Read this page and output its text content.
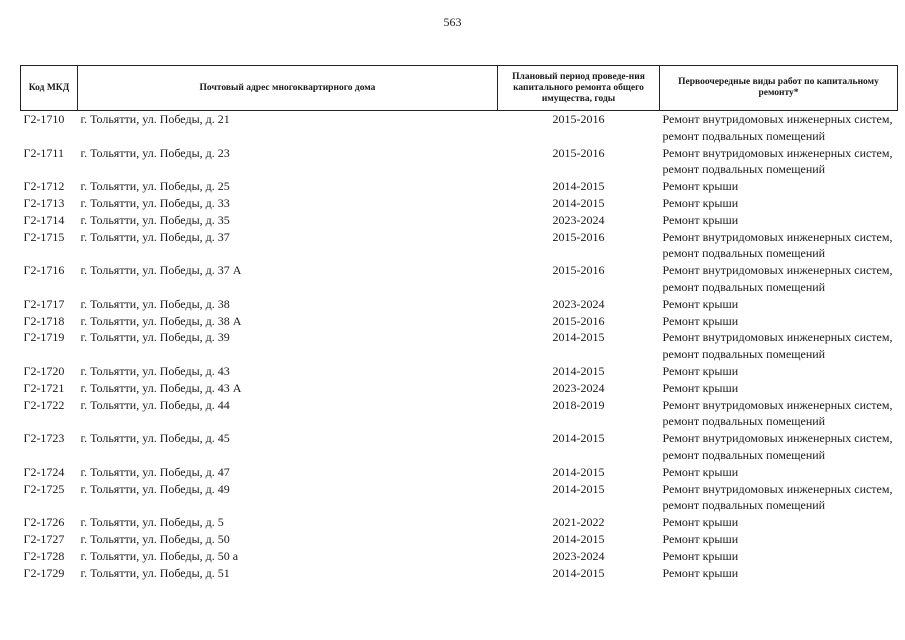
563
Код МКД	Почтовый адрес многоквартирного дома	Плановый период проведе-ния капитального ремонта общего имущества, годы	Первоочередные виды работ по капитальному ремонту*
Г2-1710	г. Тольятти, ул. Победы, д. 21	2015-2016	Ремонт внутридомовых инженерных систем,
ремонт подвальных помещений

Г2-1711	г. Тольятти, ул. Победы, д. 23	2015-2016	Ремонт внутридомовых инженерных систем,
ремонт подвальных помещений

Г2-1712	г. Тольятти, ул. Победы, д. 25	2014-2015	Ремонт крыши

Г2-1713	г. Тольятти, ул. Победы, д. 33	2014-2015	Ремонт крыши

Г2-1714	г. Тольятти, ул. Победы, д. 35	2023-2024	Ремонт крыши

Г2-1715	г. Тольятти, ул. Победы, д. 37	2015-2016	Ремонт внутридомовых инженерных систем,
ремонт подвальных помещений

Г2-1716	г. Тольятти, ул. Победы, д. 37 А	2015-2016	Ремонт внутридомовых инженерных систем,
ремонт подвальных помещений

Г2-1717	г. Тольятти, ул. Победы, д. 38	2023-2024	Ремонт крыши

Г2-1718	г. Тольятти, ул. Победы, д. 38 А	2015-2016	Ремонт крыши

Г2-1719	г. Тольятти, ул. Победы, д. 39	2014-2015	Ремонт внутридомовых инженерных систем,
ремонт подвальных помещений

Г2-1720	г. Тольятти, ул. Победы, д. 43	2014-2015	Ремонт крыши

Г2-1721	г. Тольятти, ул. Победы, д. 43 А	2023-2024	Ремонт крыши

Г2-1722	г. Тольятти, ул. Победы, д. 44	2018-2019	Ремонт внутридомовых инженерных систем,
ремонт подвальных помещений

Г2-1723	г. Тольятти, ул. Победы, д. 45	2014-2015	Ремонт внутридомовых инженерных систем,
ремонт подвальных помещений

Г2-1724	г. Тольятти, ул. Победы, д. 47	2014-2015	Ремонт крыши

Г2-1725	г. Тольятти, ул. Победы, д. 49	2014-2015	Ремонт внутридомовых инженерных систем,
ремонт подвальных помещений

Г2-1726	г. Тольятти, ул. Победы, д. 5	2021-2022	Ремонт крыши

Г2-1727	г. Тольятти, ул. Победы, д. 50	2014-2015	Ремонт крыши

Г2-1728	г. Тольятти, ул. Победы, д. 50 а	2023-2024	Ремонт крыши

Г2-1729	г. Тольятти, ул. Победы, д. 51	2014-2015	Ремонт крыши
